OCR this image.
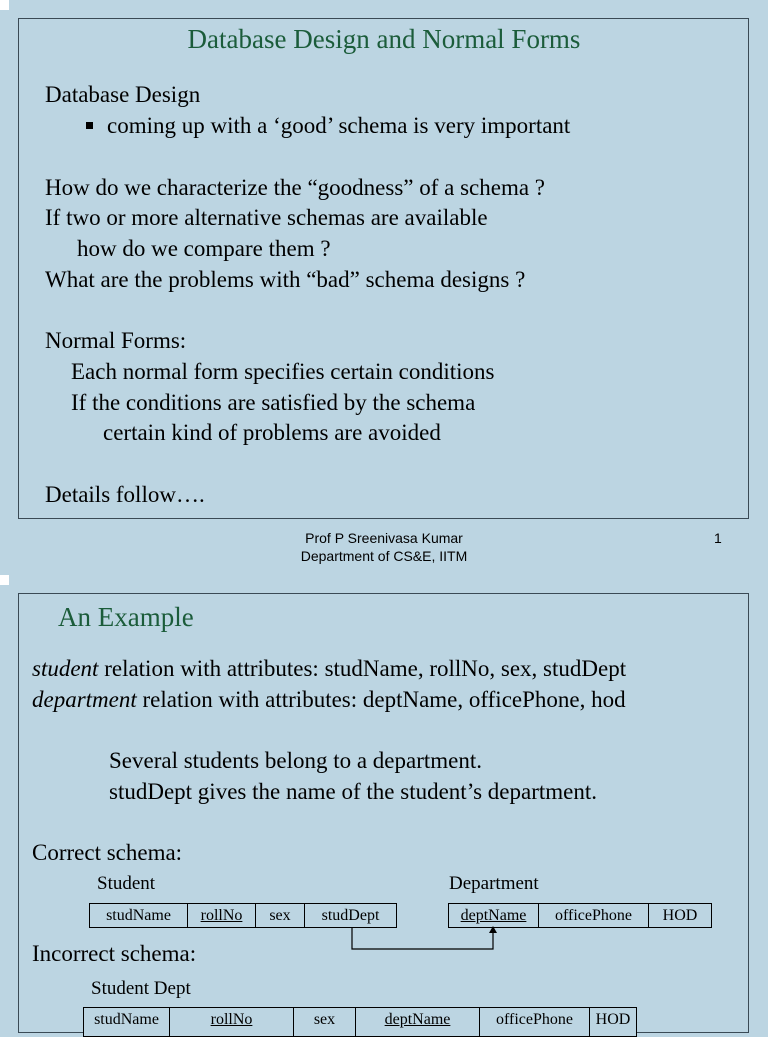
Database Design and Normal Forms
Database Design
coming up with a ‘good’ schema is very important
How do we characterize the “goodness” of a schema ?
If two or more alternative schemas are available
how do we compare them ?
What are the problems with “bad” schema designs ?
Normal Forms:
Each normal form specifies certain conditions
If the conditions are satisfied by the schema
certain kind of problems are avoided
Details follow….
Prof P Sreenivasa Kumar
Department of CS&E, IITM
1
An Example
student relation with attributes: studName, rollNo, sex, studDept
department relation with attributes: deptName, officePhone, hod
Several students belong to a department.
studDept gives the name of the student’s department.
Correct schema:
Student
studName	rollNo	sex	studDept
Department
deptName	officePhone	HOD
Incorrect schema:
Student Dept
studName	rollNo	sex	deptName	officePhone	HOD
